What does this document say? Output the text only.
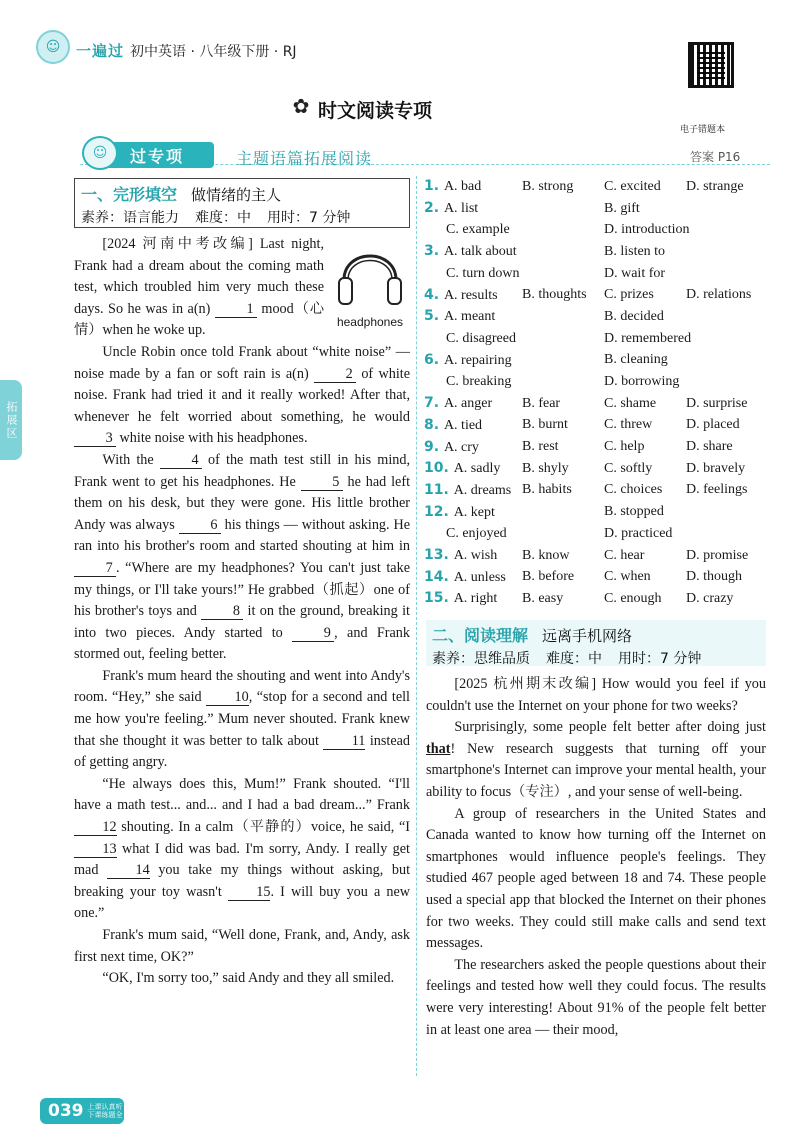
拓展区
☺	一遍过 初中英语 · 八年级下册 · RJ
电子错题本
✿ 时文阅读专项
过专项
☺	主题语篇拓展阅读	答案 P16
一、完形填空 做情绪的主人
素养：语言能力 难度：中 用时：7 分钟
headphones

[2024 河南中考改编] Last night, Frank had a dream about the coming math test, which troubled him very much these days. So he was in a(n)	1 mood（心情）when he woke up.

Uncle Robin once told Frank about “white noise” — noise made by a fan or soft rain is a(n)	2 of white noise. Frank had tried it and it really worked! After that, whenever he felt worried about something, he would 3 white noise with his headphones.

With the	4 of the math test still in his mind, Frank went to get his headphones. He	5 he had left them on his desk, but they were gone. His little brother Andy was always	6 his things — without asking. He ran into his brother's room and started shouting at him in 7 . “Where are my headphones? You can't just take my things, or I'll take yours!” He grabbed（抓起）one of his brother's toys and	8 it on the ground, breaking it into two pieces. Andy started to	9 , and Frank stormed out, feeling better.

Frank's mum heard the shouting and went into Andy's room. “Hey,” she said 10, “stop for a second and tell me how you're feeling.” Mum never shouted. Frank knew that she thought it was better to talk about 11 instead of getting angry.

“He always does this, Mum!” Frank shouted. “I'll have a math test... and... and I had a bad dream...” Frank 12 shouting. In a calm（平静的）voice, he said, “I 13 what I did was bad. I'm sorry, Andy. I really get mad	14 you take my things without asking, but breaking your toy wasn't 15. I will buy you a new one.”

Frank's mum said, “Well done, Frank, and, Andy, ask first next time, OK?”

“OK, I'm sorry too,” said Andy and they all smiled.

1. A. bad	B. strong	C. excited	D. strange
2. A. list	B. gift
C. example	D. introduction
3. A. talk about	B. listen to
C. turn down	D. wait for
4. A. results	B. thoughts	C. prizes	D. relations
5. A. meant	B. decided
C. disagreed	D. remembered
6. A. repairing	B. cleaning
C. breaking	D. borrowing
7. A. anger	B. fear	C. shame	D. surprise
8. A. tied	B. burnt	C. threw	D. placed
9. A. cry	B. rest	C. help	D. share
10. A. sadly	B. shyly	C. softly	D. bravely
11. A. dreams B. habits	C. choices	D. feelings
12. A. kept	B. stopped
C. enjoyed	D. practiced
13. A. wish	B. know	C. hear	D. promise
14. A. unless	B. before	C. when	D. though
15. A. right	B. easy	C. enough	D. crazy
二、阅读理解 远离手机网络
素养：思维品质 难度：中 用时：7 分钟

[2025 杭州期末改编] How would you feel if you couldn't use the Internet on your phone for two weeks?

Surprisingly, some people felt better after doing just that! New research suggests that turning off your smartphone's Internet can improve your mental health, your ability to focus（专注）, and your sense of well-being.

A group of researchers in the United States and Canada wanted to know how turning off the Internet on smartphones would influence people's feelings. They studied 467 people aged between 18 and 74. These people used a special app that blocked the Internet on their phones for two weeks. They could still make calls and send text messages.

The researchers asked the people questions about their feelings and tested how well they could focus. The results were very interesting! About 91% of the people felt better in at least one area — their mood,

039 上课认真听 下课练题全
